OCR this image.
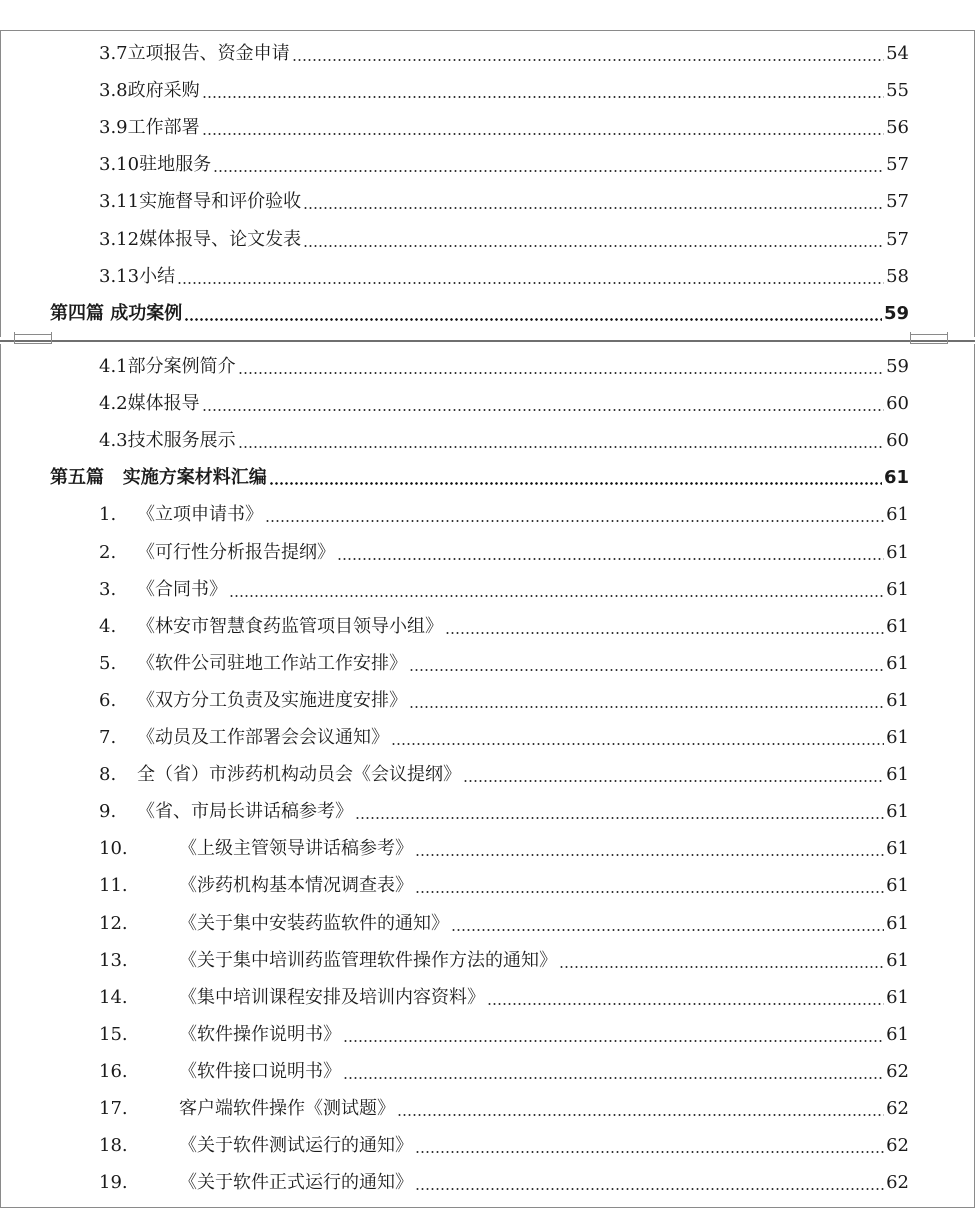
3.7 立项报告、资金申请	54
3.8 政府采购	55
3.9 工作部署	56
3.10 驻地服务	57
3.11 实施督导和评价验收	57
3.12 媒体报导、论文发表	57
3.13 小结	58
第四篇 成功案例	59
4.1 部分案例简介	59
4.2 媒体报导	60
4.3 技术服务展示	60
第五篇 实施方案材料汇编	61
1.	《立项申请书》	61
2.	《可行性分析报告提纲》	61
3.	《合同书》	61
4.	《林安市智慧食药监管项目领导小组》	61
5.	《软件公司驻地工作站工作安排》	61
6.	《双方分工负责及实施进度安排》	61
7.	《动员及工作部署会会议通知》	61
8.	全（省）市涉药机构动员会《会议提纲》	61
9.	《省、市局长讲话稿参考》	61
10.	《上级主管领导讲话稿参考》	61
11.	《涉药机构基本情况调查表》	61
12.	《关于集中安装药监软件的通知》	61
13.	《关于集中培训药监管理软件操作方法的通知》	61
14.	《集中培训课程安排及培训内容资料》	61
15.	《软件操作说明书》	61
16.	《软件接口说明书》	62
17.	客户端软件操作《测试题》	62
18.	《关于软件测试运行的通知》	62
19.	《关于软件正式运行的通知》	62
